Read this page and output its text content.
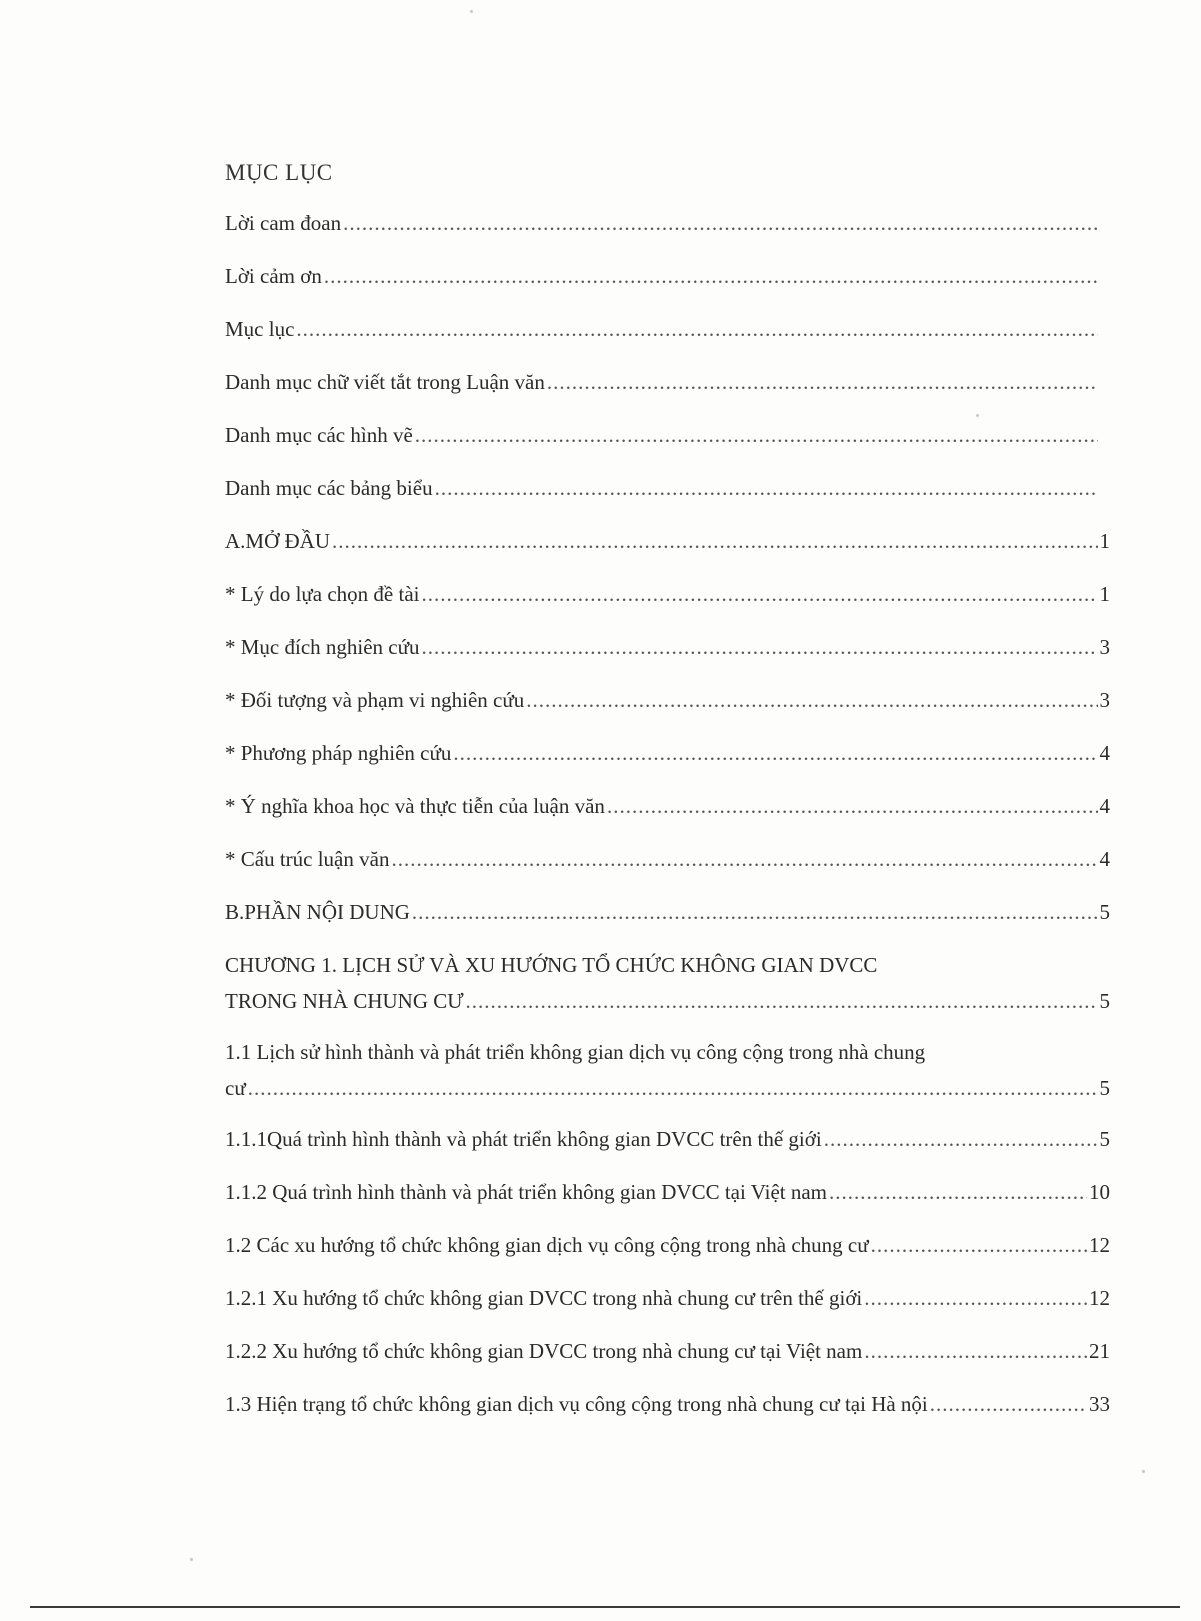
MỤC LỤC
Lời cam đoan
.....
Lời cảm ơn
.....
Mục lục
.....
Danh mục chữ viết tắt trong Luận văn
.....
Danh mục các hình vẽ
.....
Danh mục các bảng biểu
.....
A.MỞ ĐẦU .....	1
* Lý do lựa chọn đề tài .....	1
* Mục đích nghiên cứu .....	3
* Đối tượng và phạm vi nghiên cứu .....	3
* Phương pháp nghiên cứu .....	4
* Ý nghĩa khoa học và thực tiễn của luận văn .....	4
* Cấu trúc luận văn .....	4
B.PHẦN NỘI DUNG .....	5
CHƯƠNG 1. LỊCH SỬ VÀ XU HƯỚNG TỔ CHỨC KHÔNG GIAN DVCC
TRONG NHÀ CHUNG CƯ .....	5
1.1 Lịch sử hình thành và phát triển không gian dịch vụ công cộng trong nhà chung
cư .....	5
1.1.1Quá trình hình thành và phát triển không gian DVCC trên thế giới .....	5
1.1.2 Quá trình hình thành và phát triển không gian DVCC tại Việt nam .....	10
1.2 Các xu hướng tổ chức không gian dịch vụ công cộng trong nhà chung cư .....	12
1.2.1 Xu hướng tổ chức không gian DVCC trong nhà chung cư trên thế giới .....	12
1.2.2 Xu hướng tổ chức không gian DVCC trong nhà chung cư tại Việt nam .....	21
1.3 Hiện trạng tổ chức không gian dịch vụ công cộng trong nhà chung cư tại Hà nội .....	33
